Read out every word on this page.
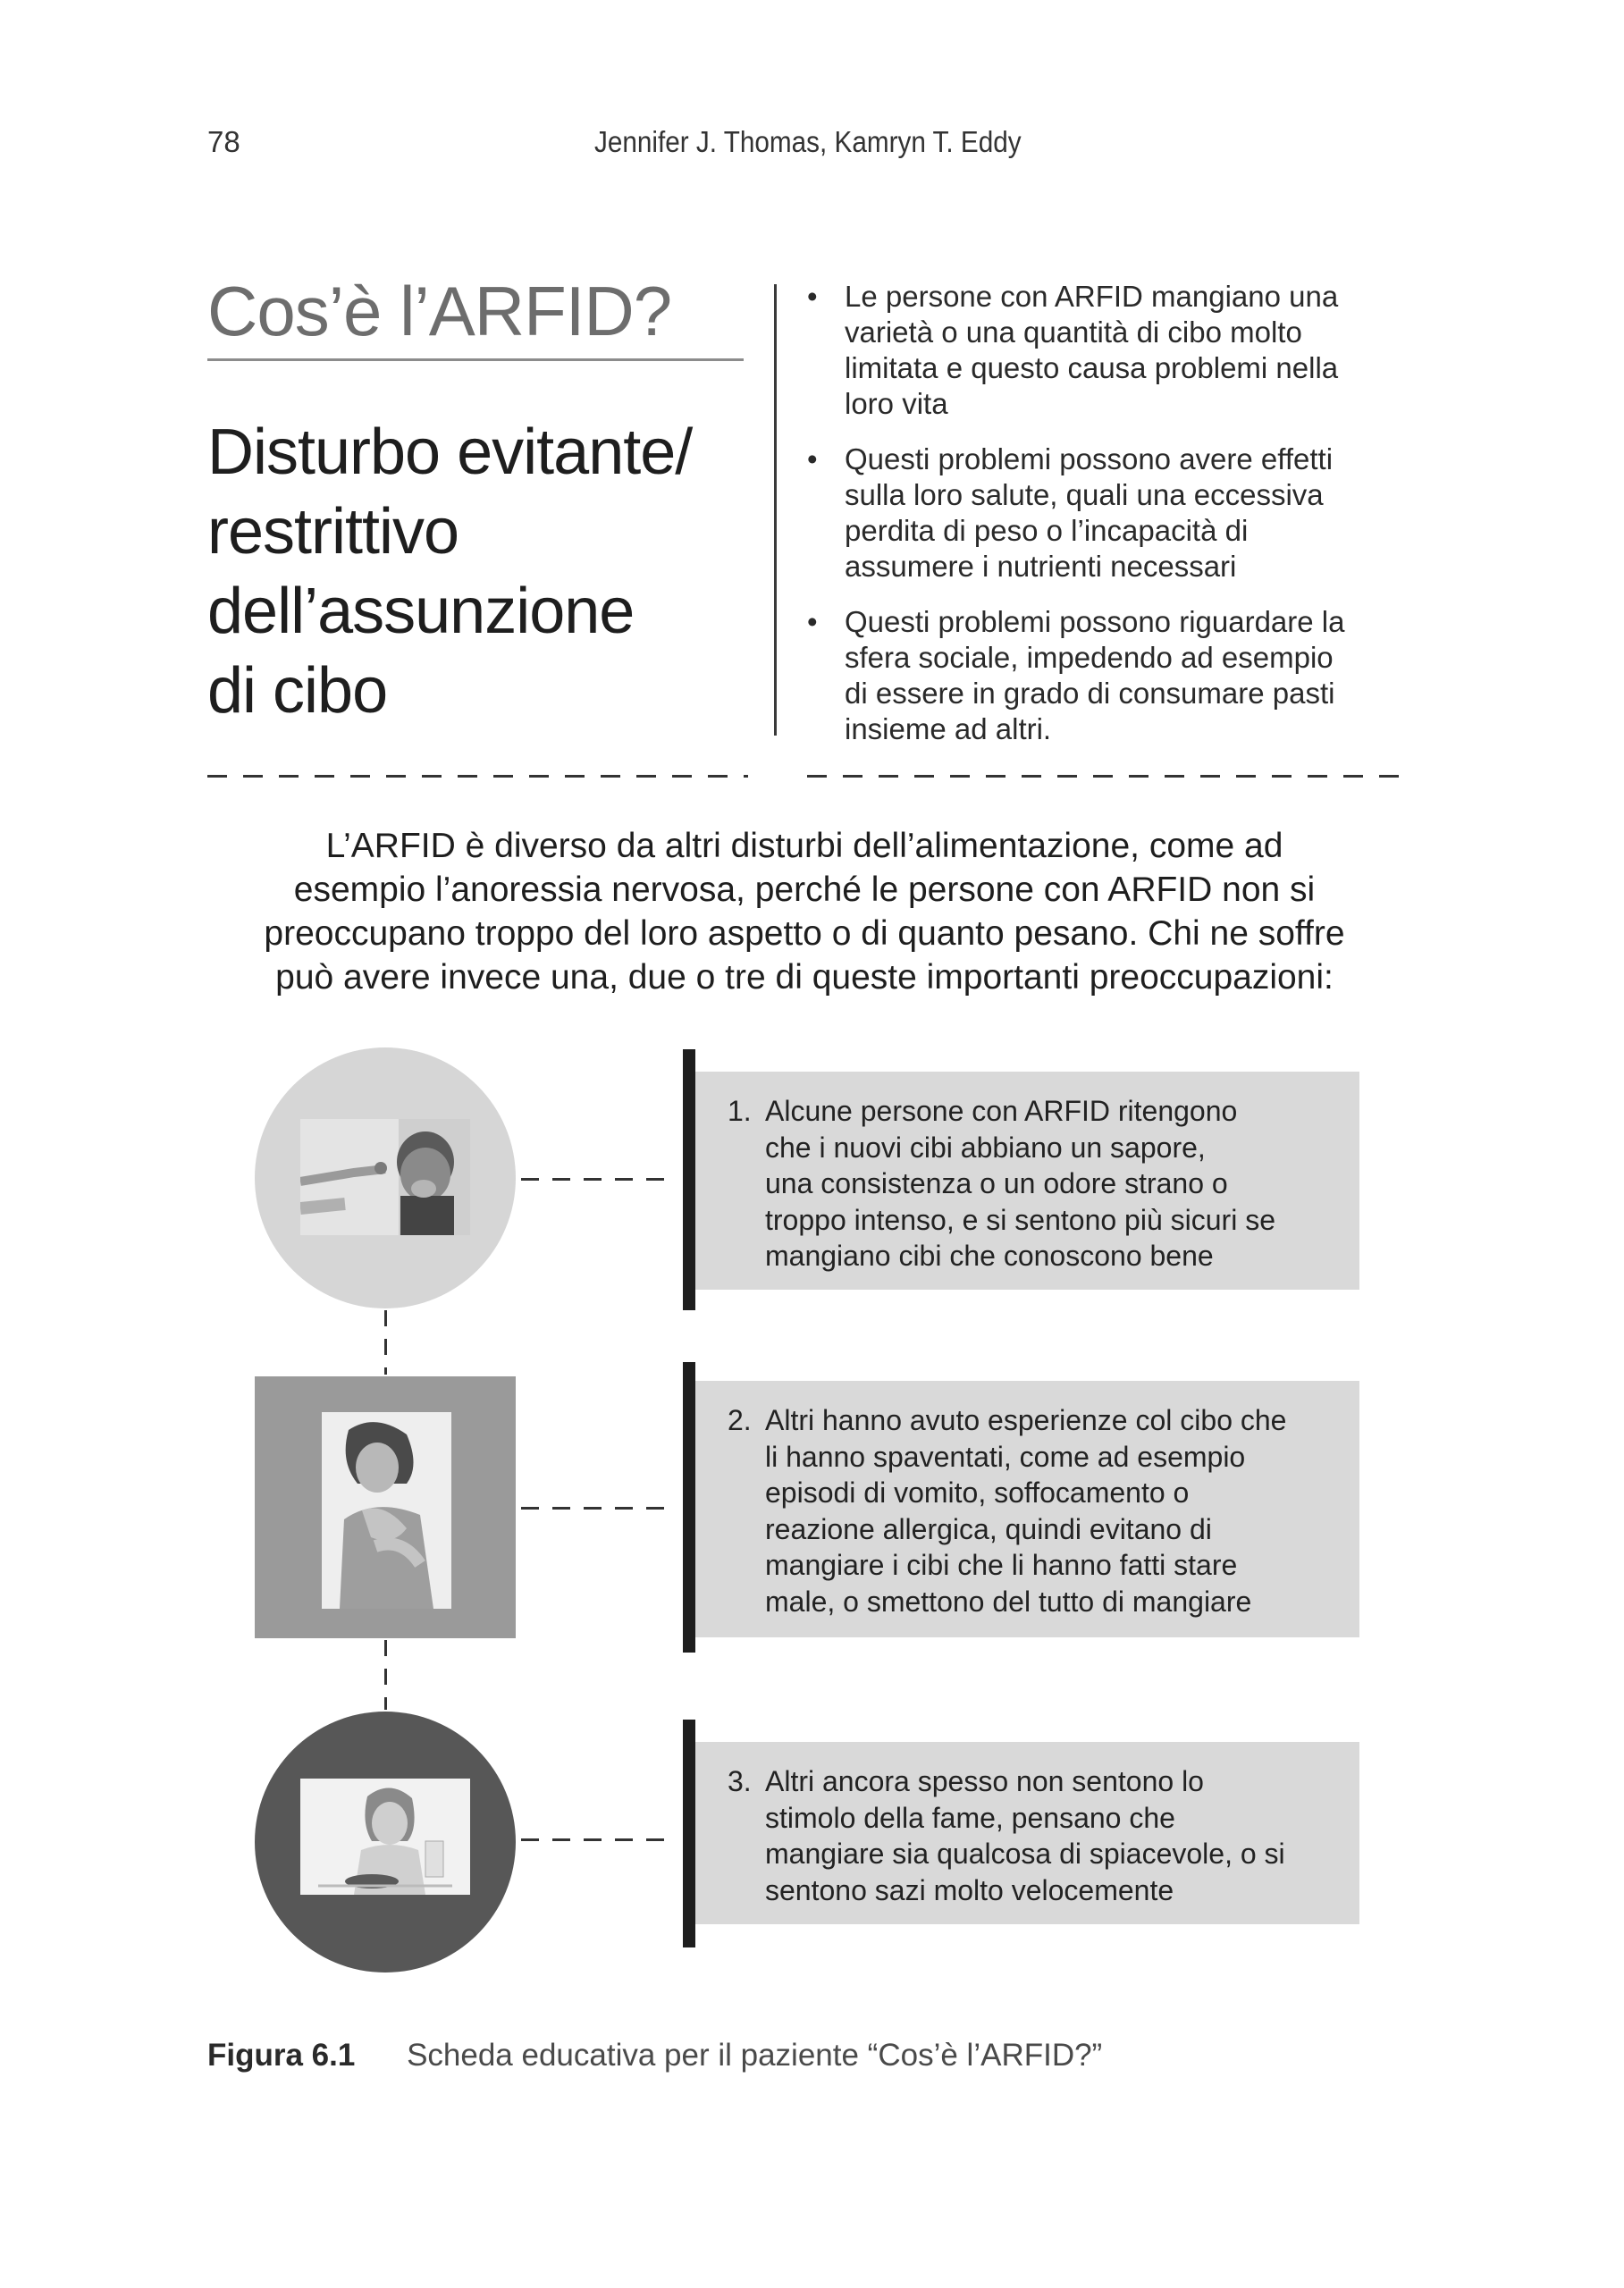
78	Jennifer J. Thomas, Kamryn T. Eddy
Cos’è l’ARFID?
Disturbo evitante/
restrittivo
dell’assunzione
di cibo
• Le persone con ARFID mangiano una
varietà o una quantità di cibo molto
limitata e questo causa problemi nella
loro vita
• Questi problemi possono avere effetti
sulla loro salute, quali una eccessiva
perdita di peso o l’incapacità di
assumere i nutrienti necessari
• Questi problemi possono riguardare la
sfera sociale, impedendo ad esempio
di essere in grado di consumare pasti
insieme ad altri.

L’ARFID è diverso da altri disturbi dell’alimentazione, come ad
esempio l’anoressia nervosa, perché le persone con ARFID non si
preoccupano troppo del loro aspetto o di quanto pesano. Chi ne soffre
può avere invece una, due o tre di queste importanti preoccupazioni:

1. Alcune persone con ARFID ritengono
che i nuovi cibi abbiano un sapore,
una consistenza o un odore strano o
troppo intenso, e si sentono più sicuri se
mangiano cibi che conoscono bene
2. Altri hanno avuto esperienze col cibo che
li hanno spaventati, come ad esempio
episodi di vomito, soffocamento o
reazione allergica, quindi evitano di
mangiare i cibi che li hanno fatti stare
male, o smettono del tutto di mangiare
3. Altri ancora spesso non sentono lo
stimolo della fame, pensano che
mangiare sia qualcosa di spiacevole, o si
sentono sazi molto velocemente
Figura 6.1 Scheda educativa per il paziente “Cos’è l’ARFID?”
